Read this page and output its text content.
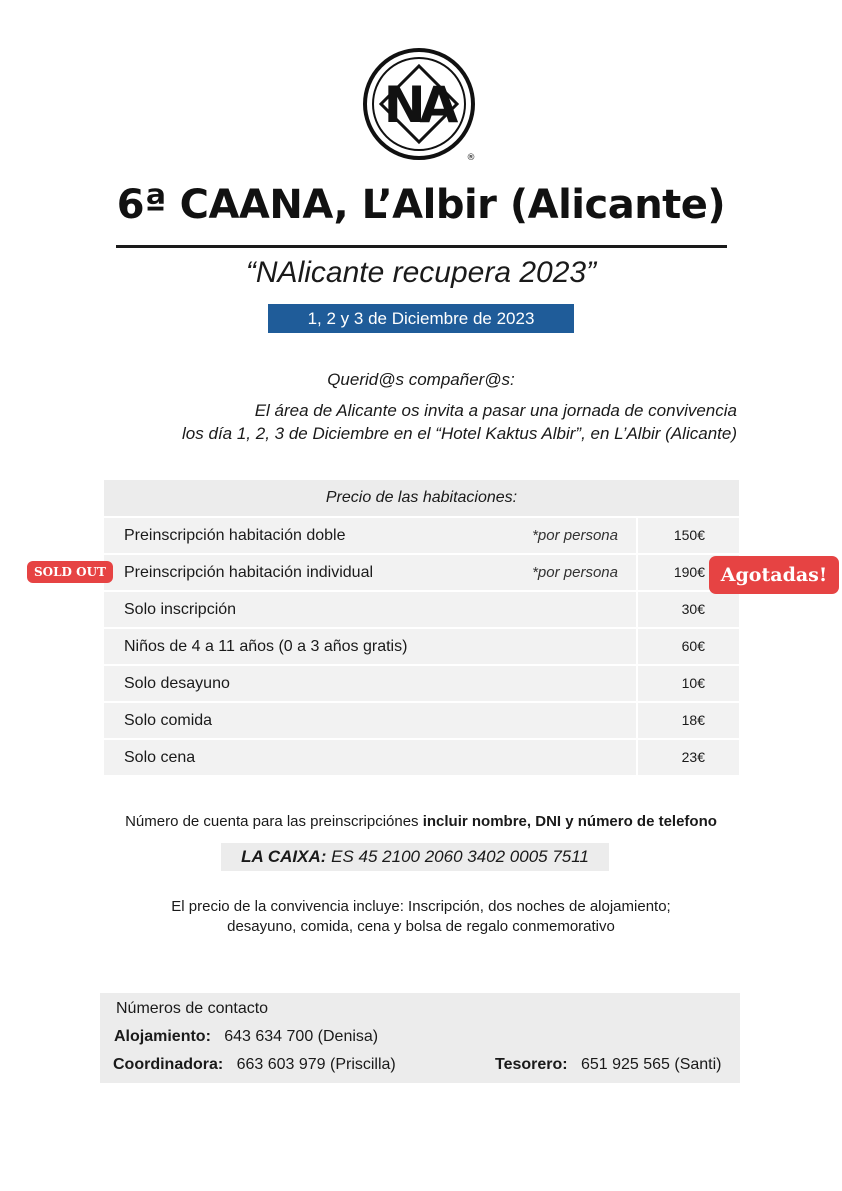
NA
®
6ª CAANA, L’Albir (Alicante)
“NAlicante recupera 2023”
1, 2 y 3 de Diciembre de 2023
Querid@s compañer@s:
El área de Alicante os invita a pasar una jornada de convivencia
los día 1, 2, 3 de Diciembre en el “Hotel Kaktus Albir”, en L’Albir (Alicante)
Precio de las habitaciones:
Preinscripción habitación doble	*por persona	150€
Preinscripción habitación individual	*por persona	190€
Solo inscripción	30€
Niños de 4 a 11 años (0 a 3 años gratis)	60€
Solo desayuno	10€
Solo comida	18€
Solo cena	23€
SOLD OUT	Agotadas!
Número de cuenta para las preinscripciónes incluir nombre, DNI y número de telefono
LA CAIXA: ES 45 2100 2060 3402 0005 7511
El precio de la convivencia incluye: Inscripción, dos noches de alojamiento;
desayuno, comida, cena y bolsa de regalo conmemorativo
Números de contacto
Alojamiento: 643 634 700 (Denisa)
Coordinadora: 663 603 979 (Priscilla)	Tesorero: 651 925 565 (Santi)
